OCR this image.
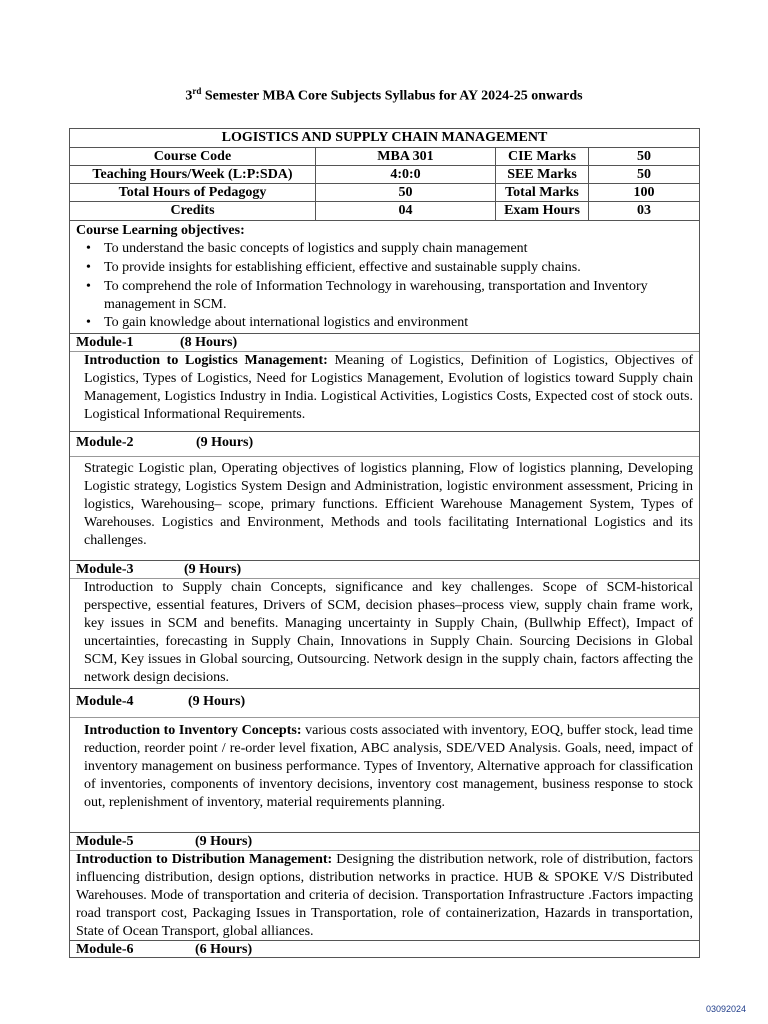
3rd Semester MBA Core Subjects Syllabus for AY 2024-25 onwards
LOGISTICS AND SUPPLY CHAIN MANAGEMENT
Course Code	MBA 301	CIE Marks	50
Teaching Hours/Week (L:P:SDA)	4:0:0	SEE Marks	50
Total Hours of Pedagogy	50	Total Marks	100
Credits	04	Exam Hours	03
Course Learning objectives:
• To understand the basic concepts of logistics and supply chain management
• To provide insights for establishing efficient, effective and sustainable supply chains.
• To comprehend the role of Information Technology in warehousing, transportation and Inventory management in SCM.
• To gain knowledge about international logistics and environment
Module-1	(8 Hours)
Introduction to Logistics Management: Meaning of Logistics, Definition of Logistics, Objectives of Logistics, Types of Logistics, Need for Logistics Management, Evolution of logistics toward Supply chain Management, Logistics Industry in India. Logistical Activities, Logistics Costs, Expected cost of stock outs. Logistical Informational Requirements.
Module-2	(9 Hours)
Strategic Logistic plan, Operating objectives of logistics planning, Flow of logistics planning, Developing Logistic strategy, Logistics System Design and Administration, logistic environment assessment, Pricing in logistics, Warehousing– scope, primary functions. Efficient Warehouse Management System, Types of Warehouses. Logistics and Environment, Methods and tools facilitating International Logistics and its challenges.
Module-3	(9 Hours)
Introduction to Supply chain Concepts, significance and key challenges. Scope of SCM-historical perspective, essential features, Drivers of SCM, decision phases–process view, supply chain frame work, key issues in SCM and benefits. Managing uncertainty in Supply Chain, (Bullwhip Effect), Impact of uncertainties, forecasting in Supply Chain, Innovations in Supply Chain. Sourcing Decisions in Global SCM, Key issues in Global sourcing, Outsourcing. Network design in the supply chain, factors affecting the network design decisions.
Module-4	(9 Hours)
Introduction to Inventory Concepts: various costs associated with inventory, EOQ, buffer stock, lead time reduction, reorder point / re-order level fixation, ABC analysis, SDE/VED Analysis. Goals, need, impact of inventory management on business performance. Types of Inventory, Alternative approach for classification of inventories, components of inventory decisions, inventory cost management, business response to stock out, replenishment of inventory, material requirements planning.
Module-5	(9 Hours)
Introduction to Distribution Management: Designing the distribution network, role of distribution, factors influencing distribution, design options, distribution networks in practice. HUB & SPOKE V/S Distributed Warehouses. Mode of transportation and criteria of decision. Transportation Infrastructure .Factors impacting road transport cost, Packaging Issues in Transportation, role of containerization, Hazards in transportation, State of Ocean Transport, global alliances.
Module-6	(6 Hours)
03092024
